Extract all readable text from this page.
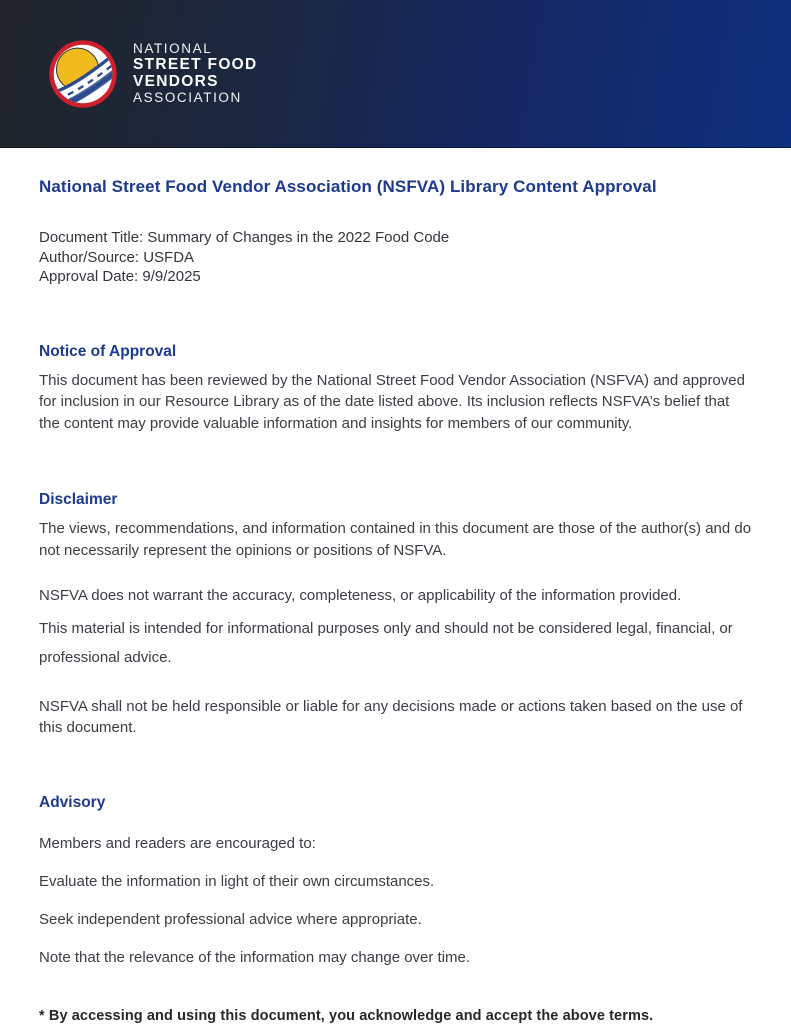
NATIONAL
STREET FOOD
VENDORS
ASSOCIATION
National Street Food Vendor Association (NSFVA) Library Content Approval

Document Title: Summary of Changes in the 2022 Food Code

Author/Source: USFDA

Approval Date: 9/9/2025

Notice of Approval

This document has been reviewed by the National Street Food Vendor Association (NSFVA) and approved for inclusion in our Resource Library as of the date listed above. Its inclusion reflects NSFVA’s belief that the content may provide valuable information and insights for members of our community.

Disclaimer

The views, recommendations, and information contained in this document are those of the author(s) and do not necessarily represent the opinions or positions of NSFVA.

NSFVA does not warrant the accuracy, completeness, or applicability of the information provided.

This material is intended for informational purposes only and should not be considered legal, financial, or professional advice.

NSFVA shall not be held responsible or liable for any decisions made or actions taken based on the use of this document.

Advisory

Members and readers are encouraged to:

Evaluate the information in light of their own circumstances.

Seek independent professional advice where appropriate.

Note that the relevance of the information may change over time.

* By accessing and using this document, you acknowledge and accept the above terms.
